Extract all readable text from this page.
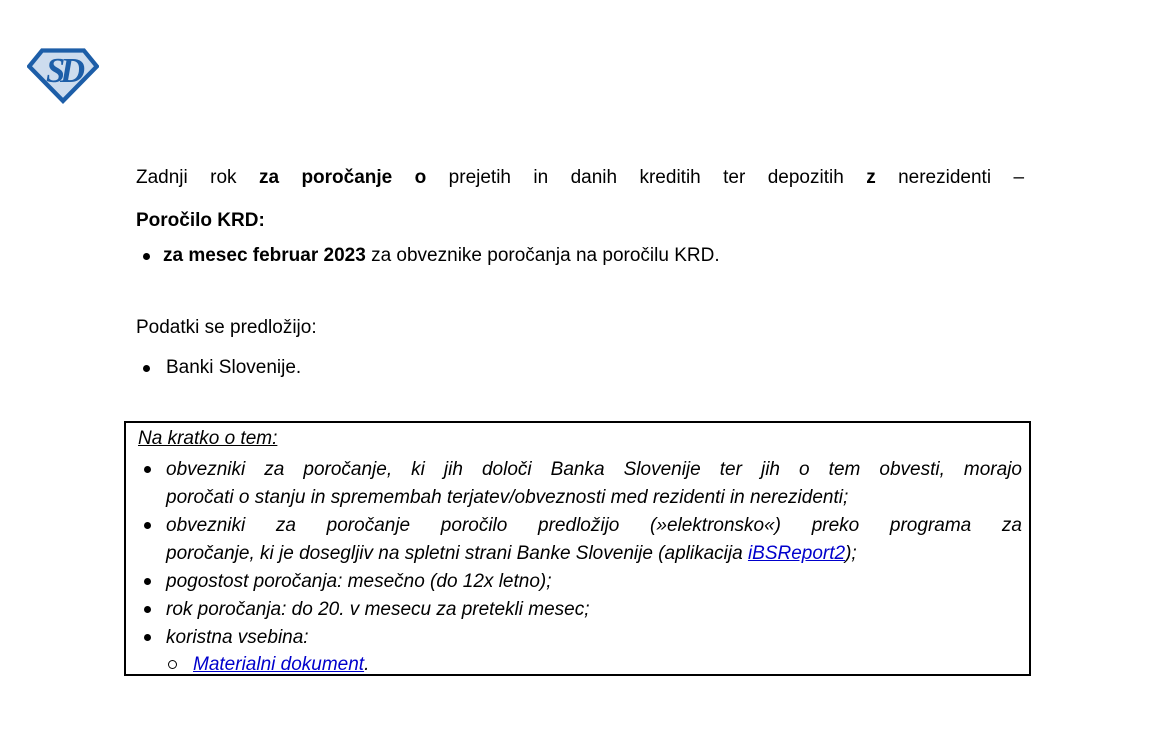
SD
Zadnji rok za poročanje o prejetih in danih kreditih ter depozitih z nerezidenti –
Poročilo KRD:
za mesec februar 2023 za obveznike poročanja na poročilu KRD.
Podatki se predložijo:
Banki Slovenije.
Na kratko o tem:
obvezniki za poročanje, ki jih določi Banka Slovenije ter jih o tem obvesti, morajo
poročati o stanju in spremembah terjatev/obveznosti med rezidenti in nerezidenti;
obvezniki za poročanje poročilo predložijo (»elektronsko«) preko programa za
poročanje, ki je dosegljiv na spletni strani Banke Slovenije (aplikacija iBSReport2);
pogostost poročanja: mesečno (do 12x letno);
rok poročanja: do 20. v mesecu za pretekli mesec;
koristna vsebina:
Materialni dokument.
